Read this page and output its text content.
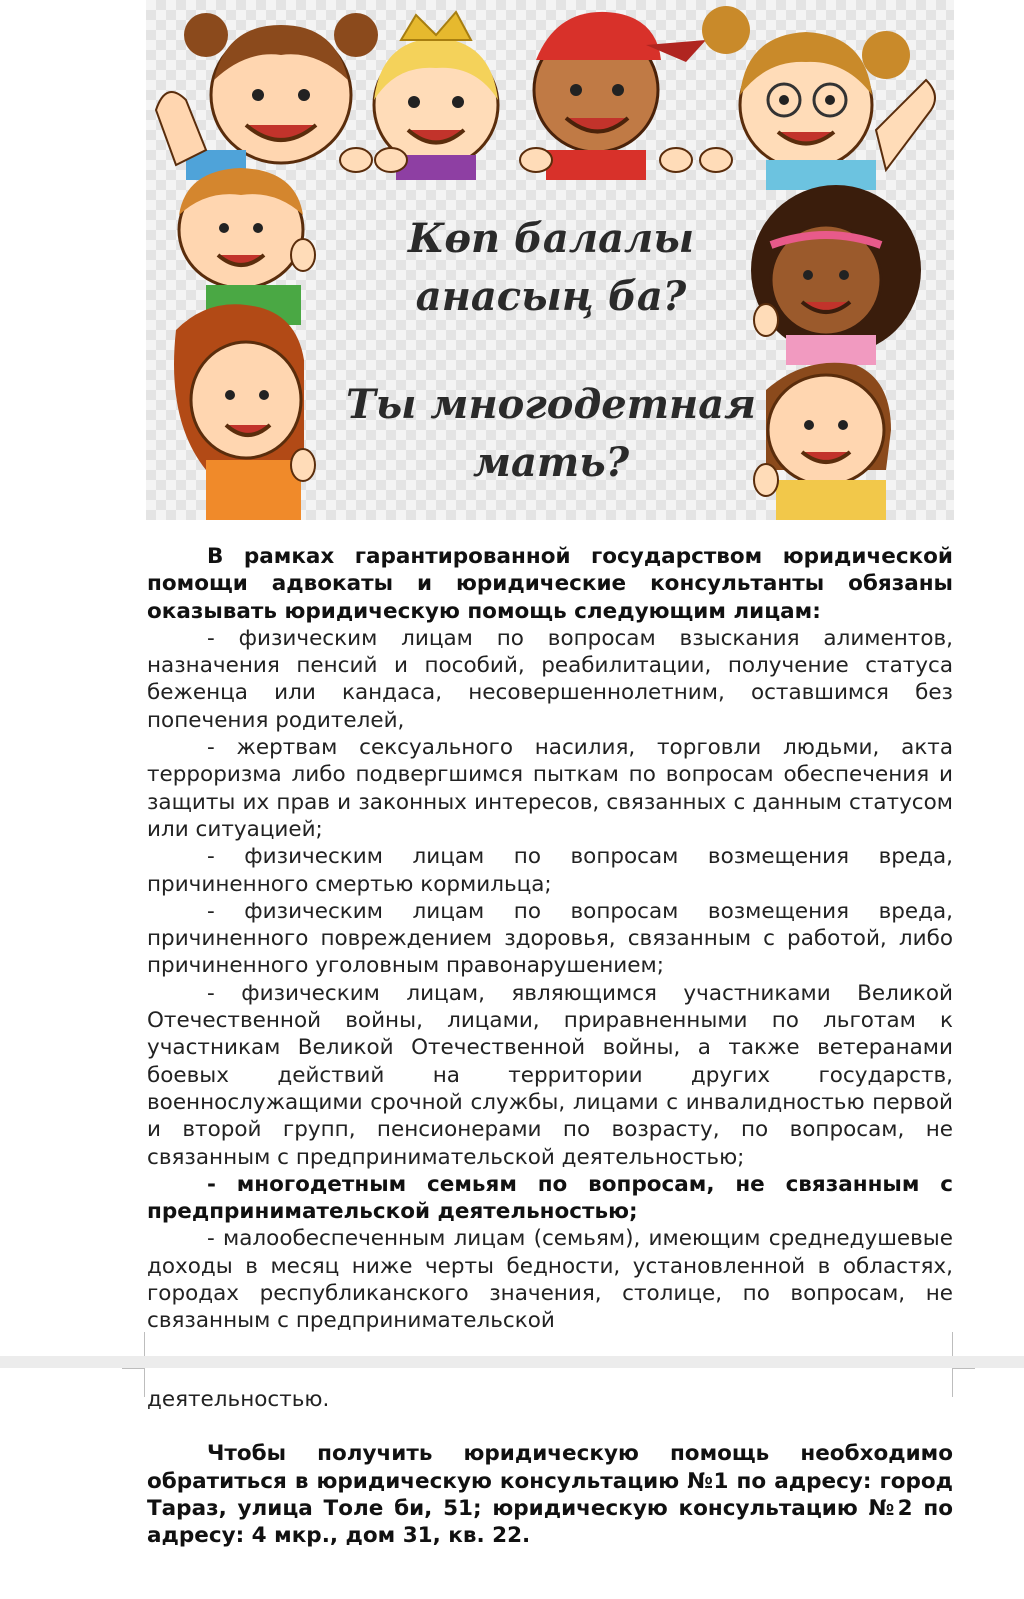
Көп балалы
анасың ба?
Ты многодетная
мать?

В рамках гарантированной государством юридической помощи адвокаты и юридические консультанты обязаны оказывать юридическую помощь следующим лицам:

- физическим лицам по вопросам взыскания алиментов, назначения пенсий и пособий, реабилитации, получение статуса беженца или кандаса, несовершеннолетним, оставшимся без попечения родителей,

- жертвам сексуального насилия, торговли людьми, акта терроризма либо подвергшимся пыткам по вопросам обеспечения и защиты их прав и законных интересов, связанных с данным статусом или ситуацией;

- физическим лицам по вопросам возмещения вреда, причиненного смертью кормильца;

- физическим лицам по вопросам возмещения вреда, причиненного повреждением здоровья, связанным с работой, либо причиненного уголовным правонарушением;

- физическим лицам, являющимся участниками Великой Отечественной войны, лицами, приравненными по льготам к участникам Великой Отечественной войны, а также ветеранами боевых действий на территории других государств, военнослужащими срочной службы, лицами с инвалидностью первой и второй групп, пенсионерами по возрасту, по вопросам, не связанным с предпринимательской деятельностью;

- многодетным семьям по вопросам, не связанным с предпринимательской деятельностью;

- малообеспеченным лицам (семьям), имеющим среднедушевые доходы в месяц ниже черты бедности, установленной в областях, городах республиканского значения, столице, по вопросам, не связанным с предпринимательской

деятельностью.

Чтобы получить юридическую помощь необходимо обратиться в юридическую консультацию №1 по адресу: город Тараз, улица Толе би, 51; юридическую консультацию №2 по адресу: 4 мкр., дом 31, кв. 22.
